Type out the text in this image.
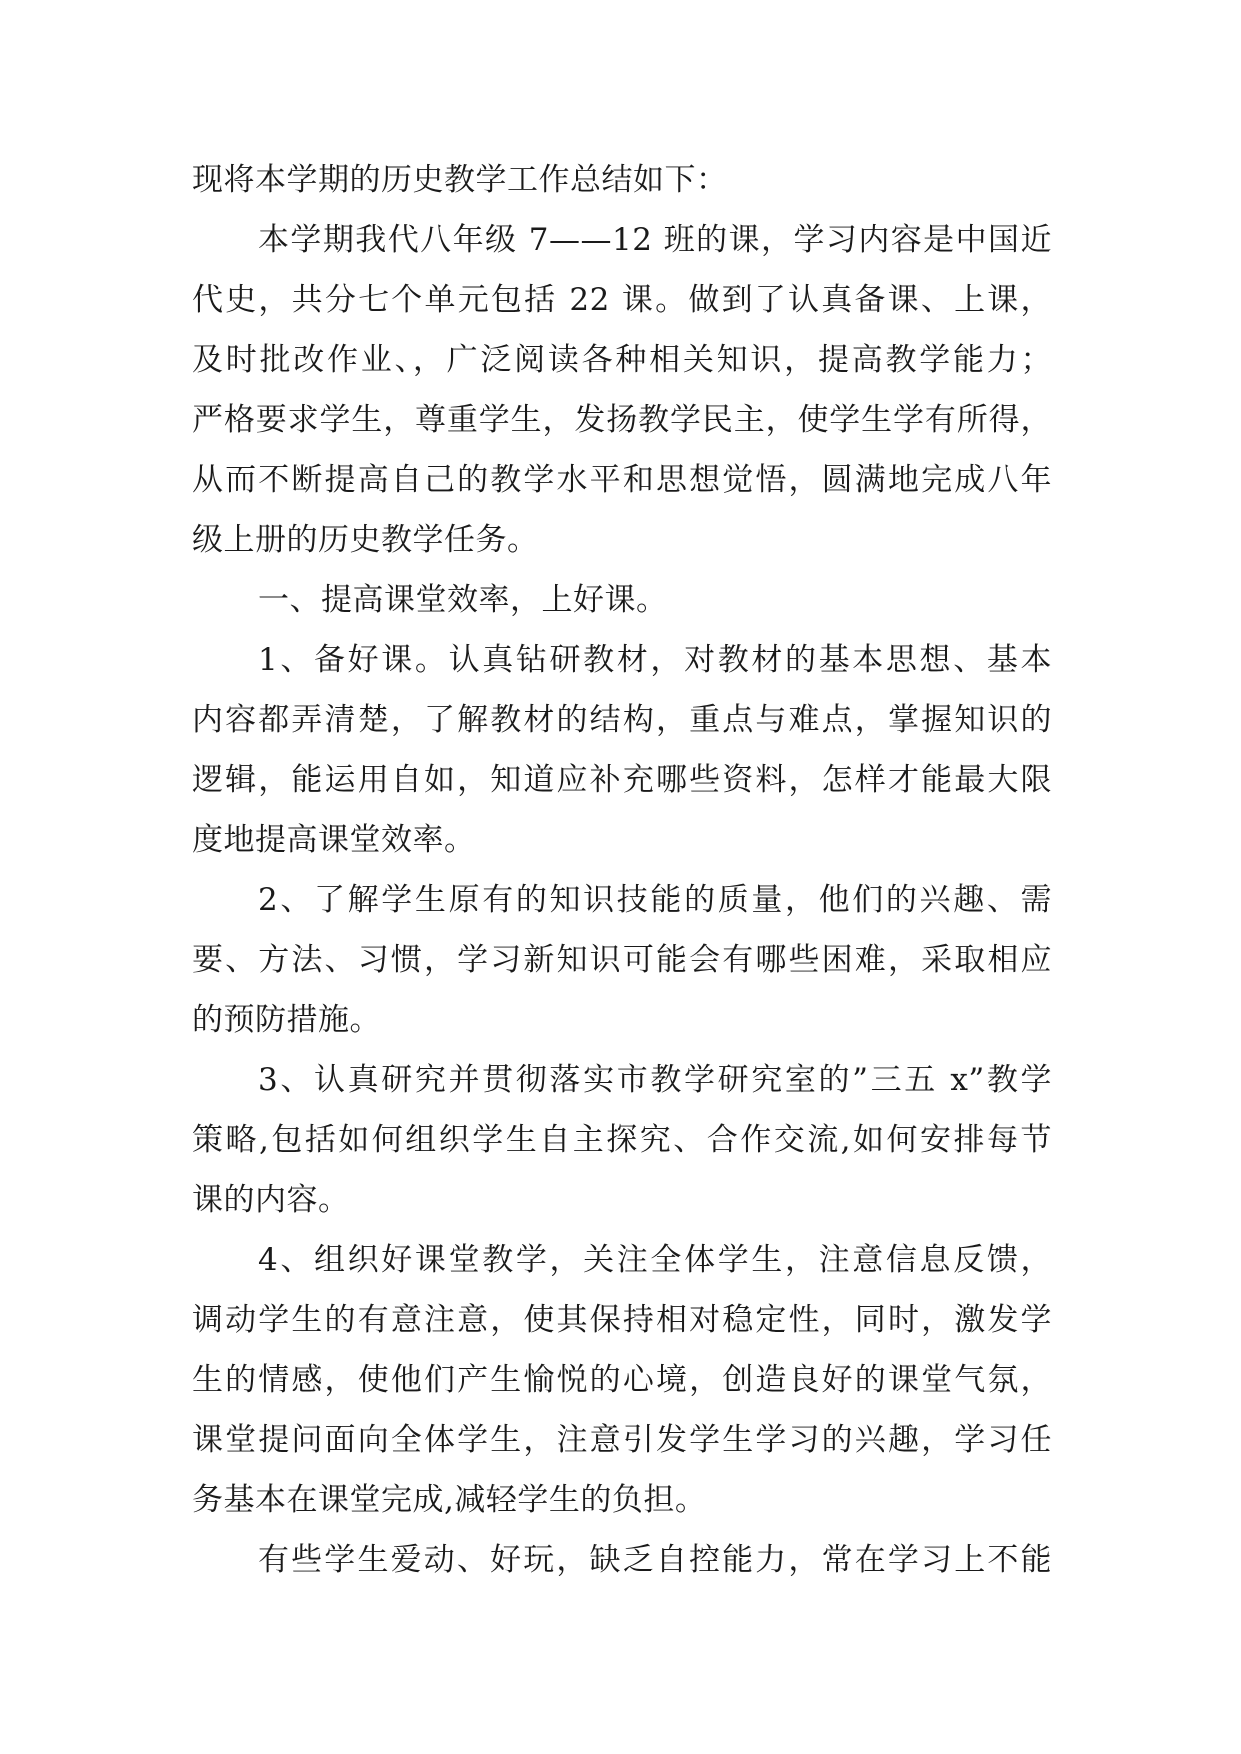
现将本学期的历史教学工作总结如下：
本学期我代八年级 7——12 班的课，学习内容是中国近
代史，共分七个单元包括 22 课。做到了认真备课、上课，
及时批改作业、，广泛阅读各种相关知识，提高教学能力；
严格要求学生，尊重学生，发扬教学民主，使学生学有所得，
从而不断提高自己的教学水平和思想觉悟，圆满地完成八年
级上册的历史教学任务。
一、提高课堂效率，上好课。
1、备好课。认真钻研教材，对教材的基本思想、基本
内容都弄清楚，了解教材的结构，重点与难点，掌握知识的
逻辑，能运用自如，知道应补充哪些资料，怎样才能最大限
度地提高课堂效率。
2、了解学生原有的知识技能的质量，他们的兴趣、需
要、方法、习惯，学习新知识可能会有哪些困难，采取相应
的预防措施。
3、认真研究并贯彻落实市教学研究室的”三五 x”教学
策略,包括如何组织学生自主探究、合作交流,如何安排每节
课的内容。
4、组织好课堂教学，关注全体学生，注意信息反馈，
调动学生的有意注意，使其保持相对稳定性，同时，激发学
生的情感，使他们产生愉悦的心境，创造良好的课堂气氛，
课堂提问面向全体学生，注意引发学生学习的兴趣，学习任
务基本在课堂完成,减轻学生的负担。
有些学生爱动、好玩，缺乏自控能力，常在学习上不能
